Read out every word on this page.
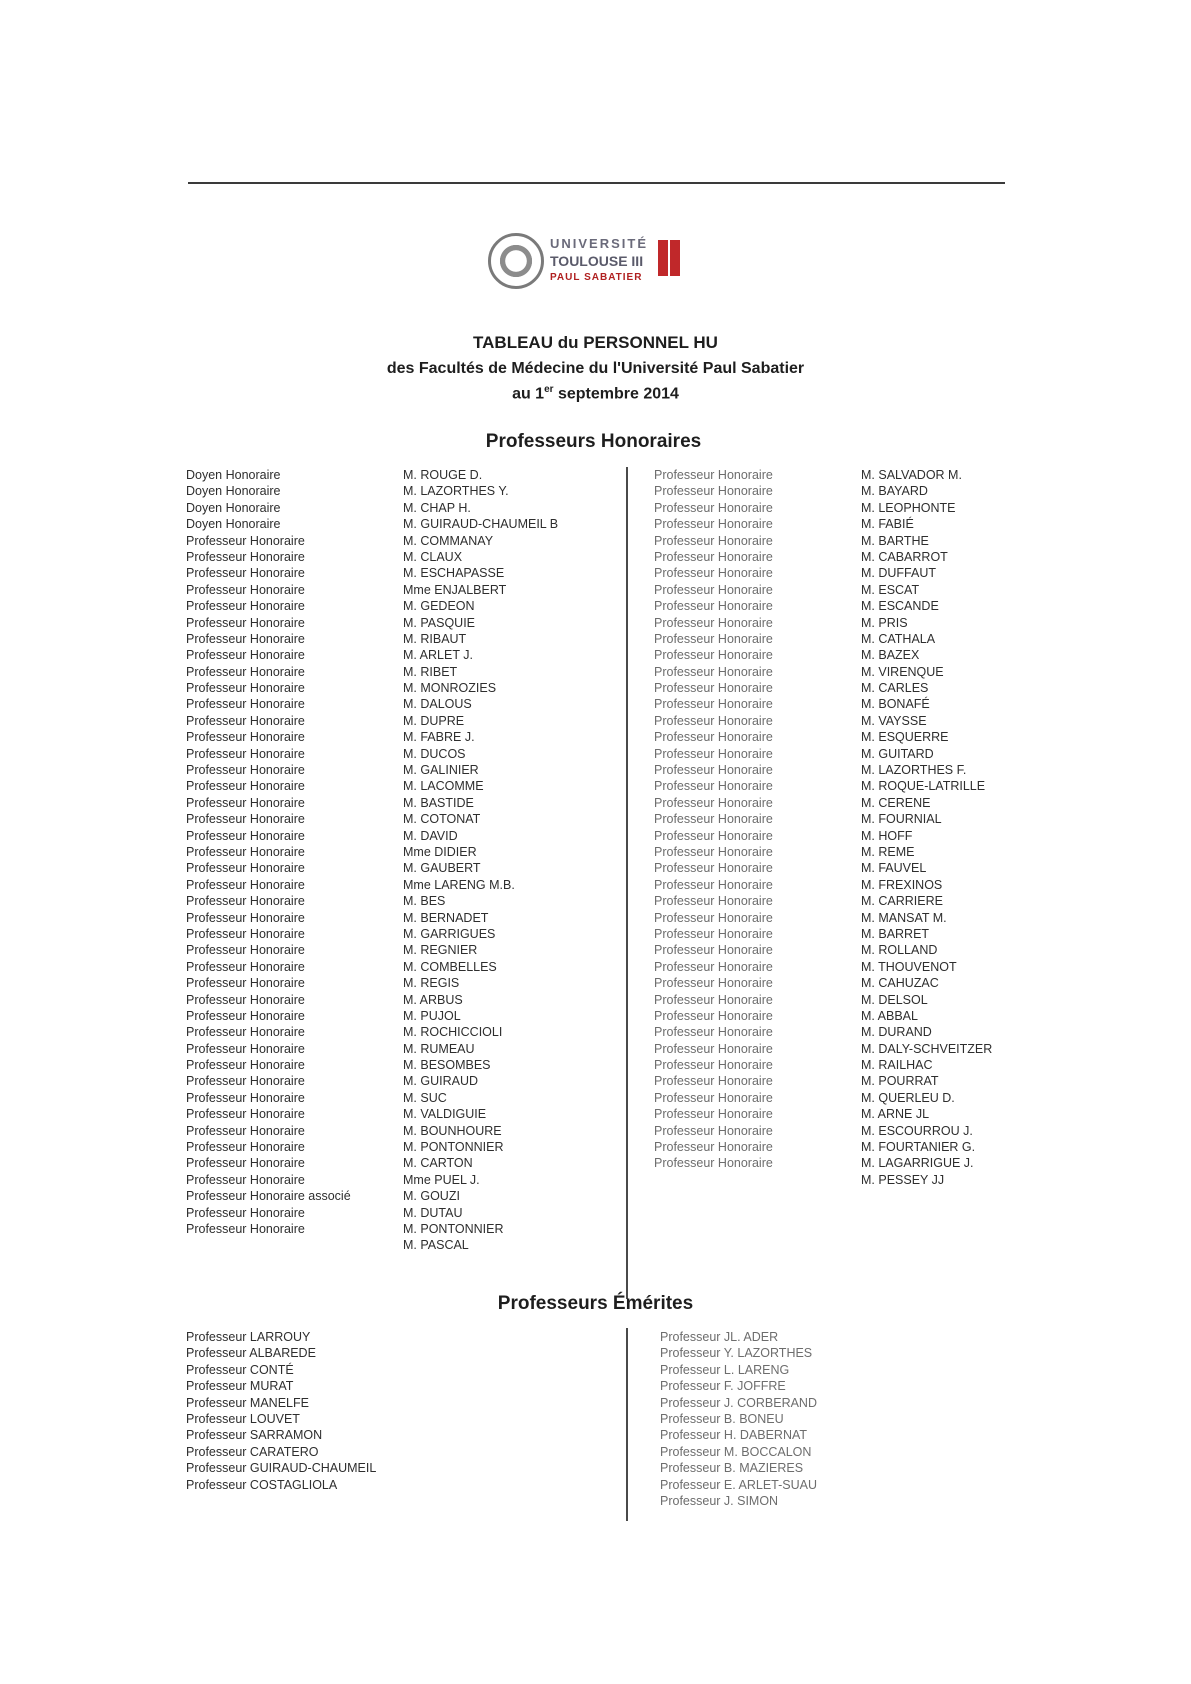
UNIVERSITÉ
TOULOUSE III
PAUL SABATIER
TABLEAU du PERSONNEL HU
des Facultés de Médecine du l'Université Paul Sabatier
au 1er septembre 2014
Professeurs Honoraires
Doyen Honoraire
Doyen Honoraire
Doyen Honoraire
Doyen Honoraire
Professeur Honoraire
Professeur Honoraire
Professeur Honoraire
Professeur Honoraire
Professeur Honoraire
Professeur Honoraire
Professeur Honoraire
Professeur Honoraire
Professeur Honoraire
Professeur Honoraire
Professeur Honoraire
Professeur Honoraire
Professeur Honoraire
Professeur Honoraire
Professeur Honoraire
Professeur Honoraire
Professeur Honoraire
Professeur Honoraire
Professeur Honoraire
Professeur Honoraire
Professeur Honoraire
Professeur Honoraire
Professeur Honoraire
Professeur Honoraire
Professeur Honoraire
Professeur Honoraire
Professeur Honoraire
Professeur Honoraire
Professeur Honoraire
Professeur Honoraire
Professeur Honoraire
Professeur Honoraire
Professeur Honoraire
Professeur Honoraire
Professeur Honoraire
Professeur Honoraire
Professeur Honoraire
Professeur Honoraire
Professeur Honoraire
Professeur Honoraire
Professeur Honoraire associé
Professeur Honoraire
Professeur Honoraire
M. ROUGE D.
M. LAZORTHES Y.
M. CHAP H.
M. GUIRAUD-CHAUMEIL B
M. COMMANAY
M. CLAUX
M. ESCHAPASSE
Mme ENJALBERT
M. GEDEON
M. PASQUIE
M. RIBAUT
M. ARLET J.
M. RIBET
M. MONROZIES
M. DALOUS
M. DUPRE
M. FABRE J.
M. DUCOS
M. GALINIER
M. LACOMME
M. BASTIDE
M. COTONAT
M. DAVID
Mme DIDIER
M. GAUBERT
Mme LARENG M.B.
M. BES
M. BERNADET
M. GARRIGUES
M. REGNIER
M. COMBELLES
M. REGIS
M. ARBUS
M. PUJOL
M. ROCHICCIOLI
M. RUMEAU
M. BESOMBES
M. GUIRAUD
M. SUC
M. VALDIGUIE
M. BOUNHOURE
M. PONTONNIER
M. CARTON
Mme PUEL J.
M. GOUZI
M. DUTAU
M. PONTONNIER
M. PASCAL
Professeur Honoraire
Professeur Honoraire
Professeur Honoraire
Professeur Honoraire
Professeur Honoraire
Professeur Honoraire
Professeur Honoraire
Professeur Honoraire
Professeur Honoraire
Professeur Honoraire
Professeur Honoraire
Professeur Honoraire
Professeur Honoraire
Professeur Honoraire
Professeur Honoraire
Professeur Honoraire
Professeur Honoraire
Professeur Honoraire
Professeur Honoraire
Professeur Honoraire
Professeur Honoraire
Professeur Honoraire
Professeur Honoraire
Professeur Honoraire
Professeur Honoraire
Professeur Honoraire
Professeur Honoraire
Professeur Honoraire
Professeur Honoraire
Professeur Honoraire
Professeur Honoraire
Professeur Honoraire
Professeur Honoraire
Professeur Honoraire
Professeur Honoraire
Professeur Honoraire
Professeur Honoraire
Professeur Honoraire
Professeur Honoraire
Professeur Honoraire
Professeur Honoraire
Professeur Honoraire
Professeur Honoraire
M. SALVADOR M.
M. BAYARD
M. LEOPHONTE
M. FABIÉ
M. BARTHE
M. CABARROT
M. DUFFAUT
M. ESCAT
M. ESCANDE
M. PRIS
M. CATHALA
M. BAZEX
M. VIRENQUE
M. CARLES
M. BONAFÉ
M. VAYSSE
M. ESQUERRE
M. GUITARD
M. LAZORTHES F.
M. ROQUE-LATRILLE
M. CERENE
M. FOURNIAL
M. HOFF
M. REME
M. FAUVEL
M. FREXINOS
M. CARRIERE
M. MANSAT M.
M. BARRET
M. ROLLAND
M. THOUVENOT
M. CAHUZAC
M. DELSOL
M. ABBAL
M. DURAND
M. DALY-SCHVEITZER
M. RAILHAC
M. POURRAT
M. QUERLEU D.
M. ARNE JL
M. ESCOURROU J.
M. FOURTANIER G.
M. LAGARRIGUE J.
M. PESSEY JJ
Professeurs Émérites
Professeur LARROUY
Professeur ALBAREDE
Professeur CONTÉ
Professeur MURAT
Professeur MANELFE
Professeur LOUVET
Professeur SARRAMON
Professeur CARATERO
Professeur GUIRAUD-CHAUMEIL
Professeur COSTAGLIOLA
Professeur JL. ADER
Professeur Y. LAZORTHES
Professeur L. LARENG
Professeur F. JOFFRE
Professeur J. CORBERAND
Professeur B. BONEU
Professeur H. DABERNAT
Professeur M. BOCCALON
Professeur B. MAZIERES
Professeur E. ARLET-SUAU
Professeur J. SIMON
